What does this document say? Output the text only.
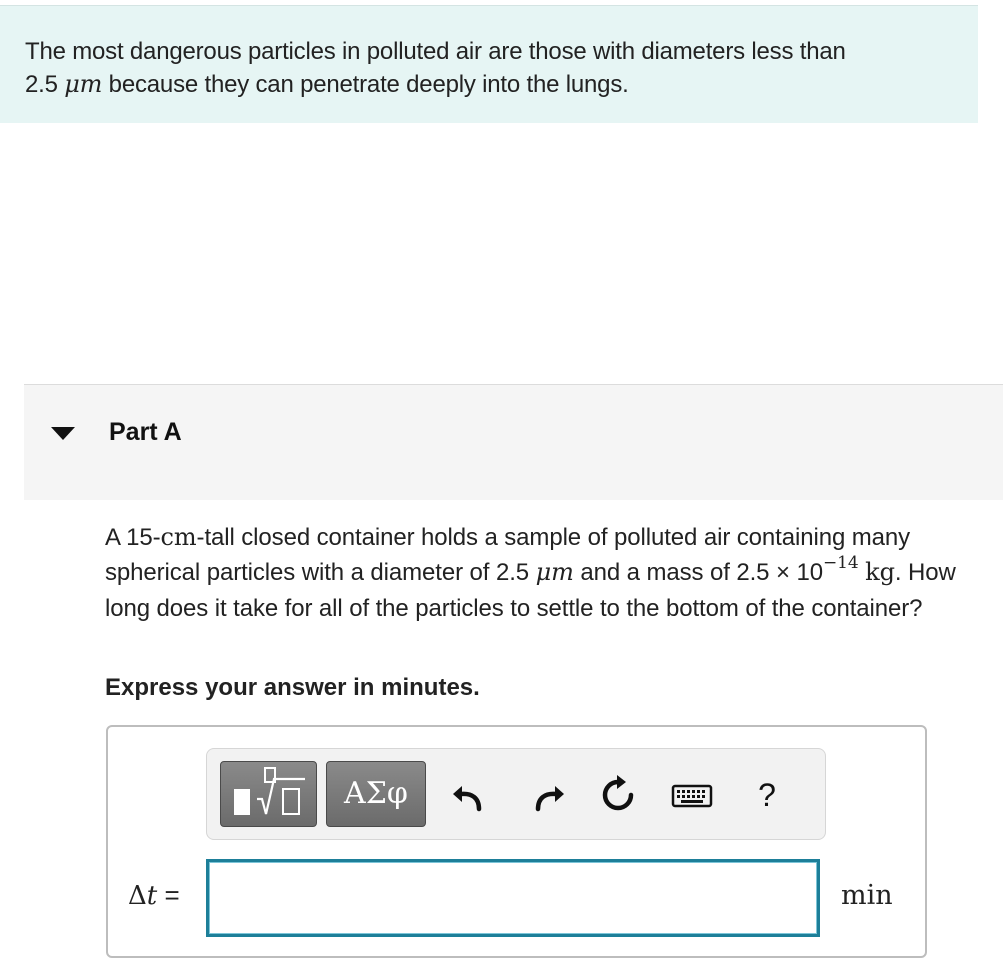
The most dangerous particles in polluted air are those with diameters less than
2.5 μm because they can penetrate deeply into the lungs.
Part A
A 15-cm-tall closed container holds a sample of polluted air containing many spherical particles with a diameter of 2.5 μm and a mass of $2.5 \times 10^{-14}$ kg. How long does it take for all of the particles to settle to the bottom of the container?
Express your answer in minutes.
ΑΣφ	?
Δt =	min
